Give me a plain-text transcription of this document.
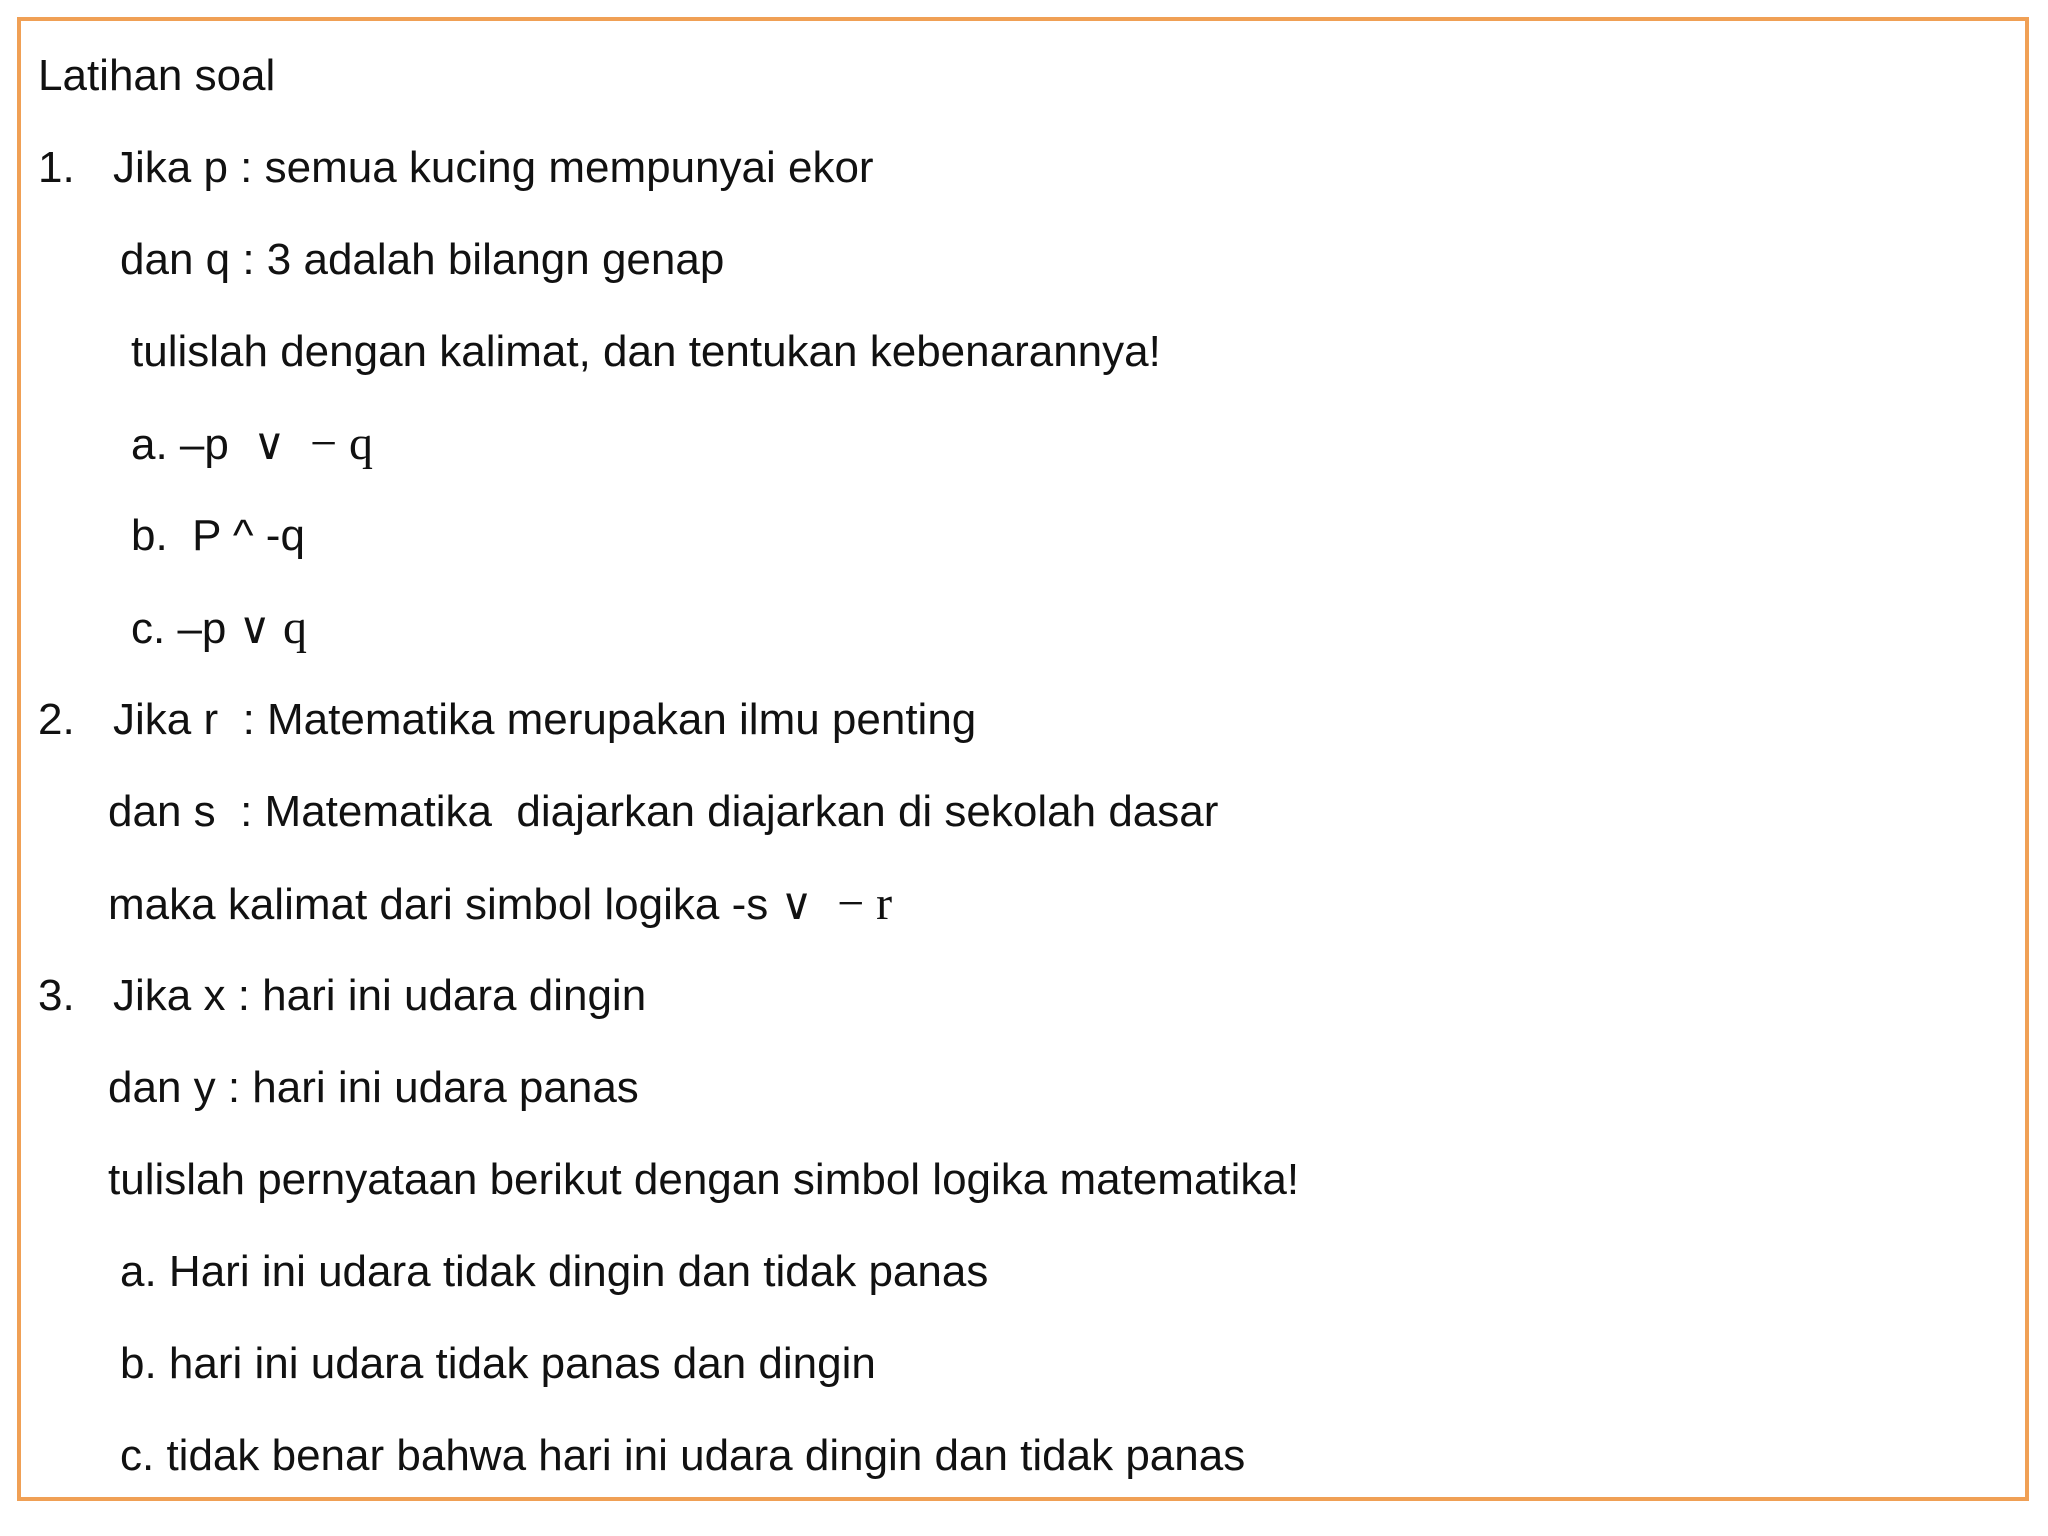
Latihan soal
1. Jika p : semua kucing mempunyai ekor
dan q : 3 adalah bilangn genap
tulislah dengan kalimat, dan tentukan kebenarannya!
a. –p  ∨  − q
b.  P ^ -q
c. –p ∨ q
2. Jika r  : Matematika merupakan ilmu penting
dan s  : Matematika  diajarkan diajarkan di sekolah dasar
maka kalimat dari simbol logika -s ∨  − r
3. Jika x : hari ini udara dingin
dan y : hari ini udara panas
tulislah pernyataan berikut dengan simbol logika matematika!
a. Hari ini udara tidak dingin dan tidak panas
b. hari ini udara tidak panas dan dingin
c. tidak benar bahwa hari ini udara dingin dan tidak panas
